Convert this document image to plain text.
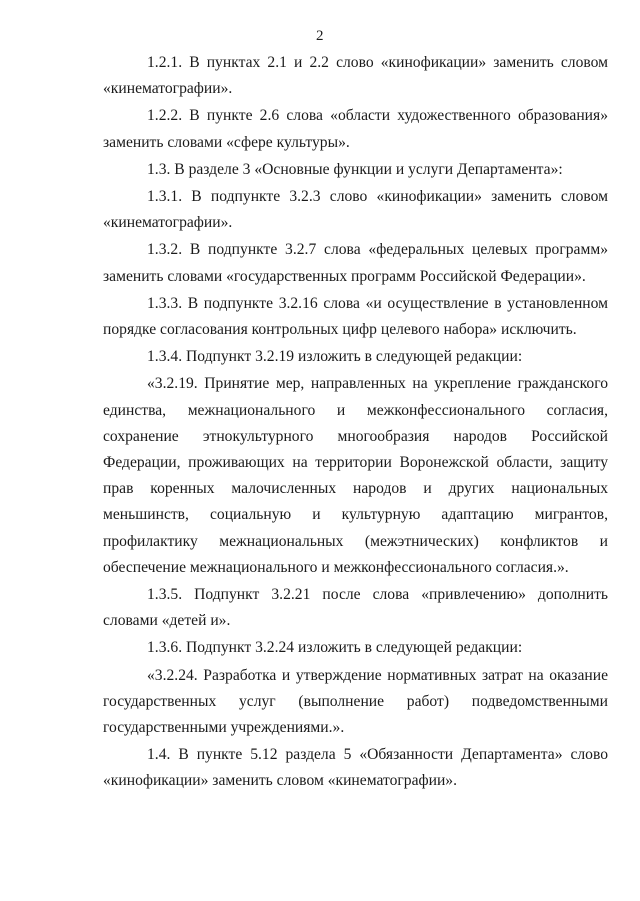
2

1.2.1. В пунктах 2.1 и 2.2 слово «кинофикации» заменить словом «кинематографии».

1.2.2. В пункте 2.6 слова «области художественного образования» заменить словами «сфере культуры».

1.3. В разделе 3 «Основные функции и услуги Департамента»:

1.3.1. В подпункте 3.2.3 слово «кинофикации» заменить словом «кинематографии».

1.3.2. В подпункте 3.2.7 слова «федеральных целевых программ» заменить словами «государственных программ Российской Федерации».

1.3.3. В подпункте 3.2.16 слова «и осуществление в установленном порядке согласования контрольных цифр целевого набора» исключить.

1.3.4. Подпункт 3.2.19 изложить в следующей редакции:

«3.2.19. Принятие мер, направленных на укрепление гражданского единства, межнационального и межконфессионального согласия, сохранение этнокультурного многообразия народов Российской Федерации, проживающих на территории Воронежской области, защиту прав коренных малочисленных народов и других национальных меньшинств, социальную и культурную адаптацию мигрантов, профилактику межнациональных (межэтнических) конфликтов и обеспечение межнационального и межконфессионального согласия.».

1.3.5. Подпункт 3.2.21 после слова «привлечению» дополнить словами «детей и».

1.3.6. Подпункт 3.2.24 изложить в следующей редакции:

«3.2.24. Разработка и утверждение нормативных затрат на оказание государственных услуг (выполнение работ) подведомственными государственными учреждениями.».

1.4. В пункте 5.12 раздела 5 «Обязанности Департамента» слово «кинофикации» заменить словом «кинематографии».
